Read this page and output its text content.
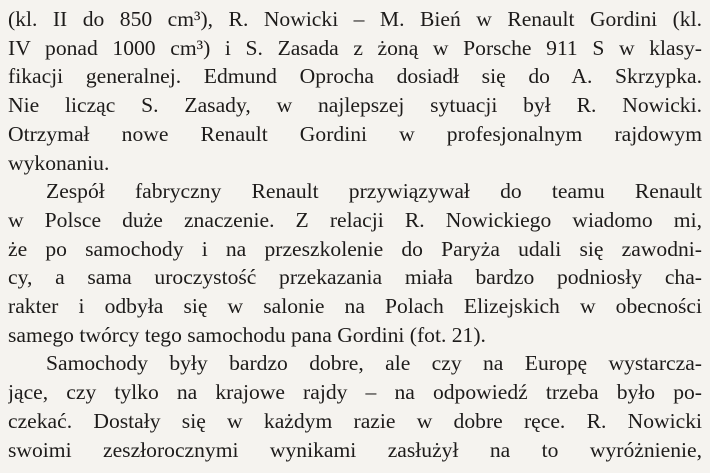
(kl. II do 850 cm³), R. Nowicki – M. Bień w Renault Gordini (kl.
IV ponad 1000 cm³) i S. Zasada z żoną w Porsche 911 S w klasy-
fikacji generalnej. Edmund Oprocha dosiadł się do A. Skrzypka.
Nie licząc S. Zasady, w najlepszej sytuacji był R. Nowicki.
Otrzymał nowe Renault Gordini w profesjonalnym rajdowym
wykonaniu.
Zespół fabryczny Renault przywiązywał do teamu Renault
w Polsce duże znaczenie. Z relacji R. Nowickiego wiadomo mi,
że po samochody i na przeszkolenie do Paryża udali się zawodni-
cy, a sama uroczystość przekazania miała bardzo podniosły cha-
rakter i odbyła się w salonie na Polach Elizejskich w obecności
samego twórcy tego samochodu pana Gordini (fot. 21).
Samochody były bardzo dobre, ale czy na Europę wystarcza-
jące, czy tylko na krajowe rajdy – na odpowiedź trzeba było po-
czekać. Dostały się w każdym razie w dobre ręce. R. Nowicki
swoimi zeszłorocznymi wynikami zasłużył na to wyróżnienie,
